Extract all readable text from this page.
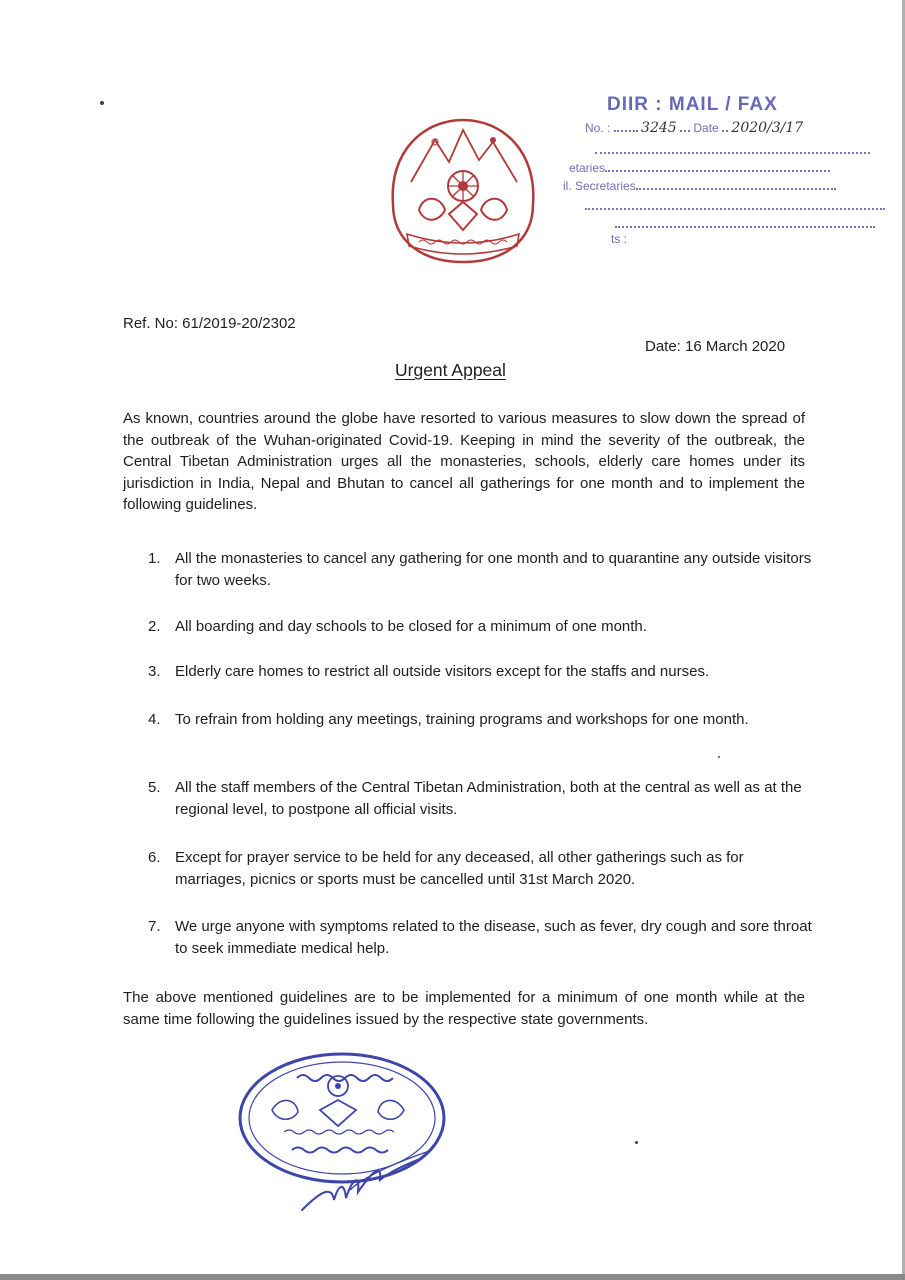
DIIR : MAIL / FAX
No. : 3245 Date 2020/3/17
etaries
il. Secretaries
ts :
Ref. No: 61/2019-20/2302
Date: 16 March 2020
Urgent Appeal

As known, countries around the globe have resorted to various measures to slow down the spread of the outbreak of the Wuhan-originated Covid-19. Keeping in mind the severity of the outbreak, the Central Tibetan Administration urges all the monasteries, schools, elderly care homes under its jurisdiction in India, Nepal and Bhutan to cancel all gatherings for one month and to implement the following guidelines.

1. All the monasteries to cancel any gathering for one month and to quarantine any outside visitors for two weeks.
2. All boarding and day schools to be closed for a minimum of one month.
3. Elderly care homes to restrict all outside visitors except for the staffs and nurses.
4. To refrain from holding any meetings, training programs and workshops for one month.
5. All the staff members of the Central Tibetan Administration, both at the central as well as at the regional level, to postpone all official visits.
6. Except for prayer service to be held for any deceased, all other gatherings such as for marriages, picnics or sports must be cancelled until 31st March 2020.
7. We urge anyone with symptoms related to the disease, such as fever, dry cough and sore throat to seek immediate medical help.

The above mentioned guidelines are to be implemented for a minimum of one month while at the same time following the guidelines issued by the respective state governments.
